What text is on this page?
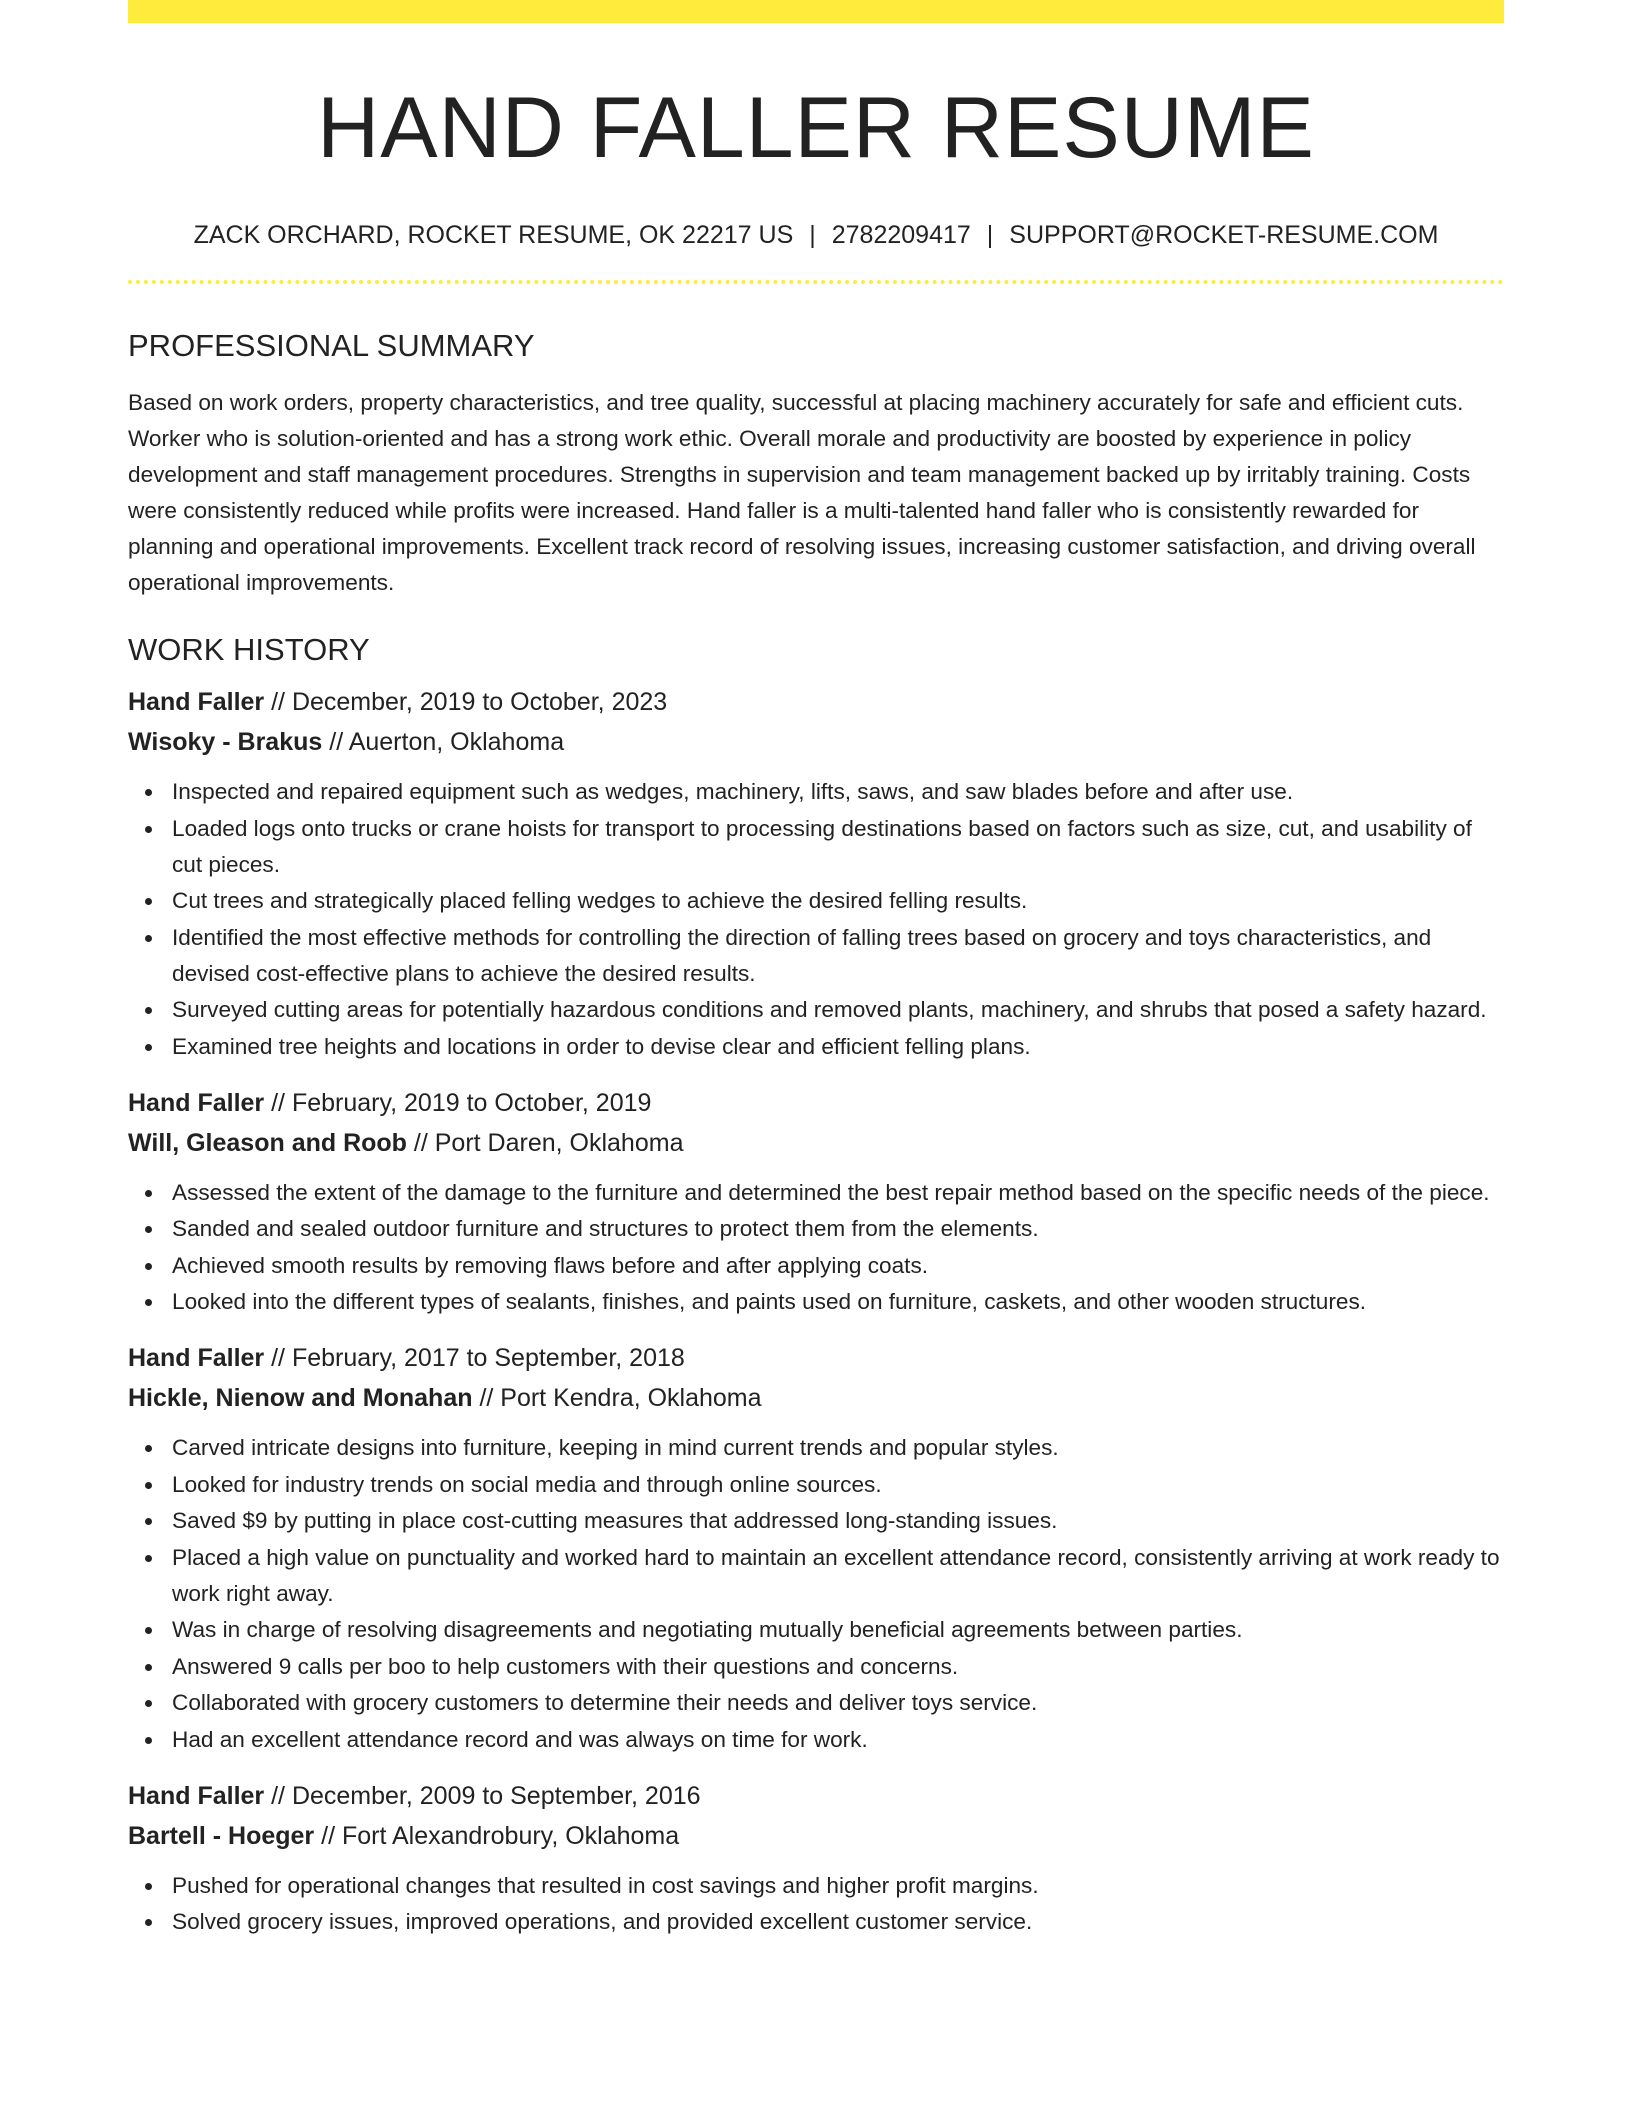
HAND FALLER RESUME
ZACK ORCHARD, ROCKET RESUME, OK 22217 US | 2782209417 | SUPPORT@ROCKET-RESUME.COM
PROFESSIONAL SUMMARY

Based on work orders, property characteristics, and tree quality, successful at placing machinery accurately for safe and efficient cuts. Worker who is solution-oriented and has a strong work ethic. Overall morale and productivity are boosted by experience in policy development and staff management procedures. Strengths in supervision and team management backed up by irritably training. Costs were consistently reduced while profits were increased. Hand faller is a multi-talented hand faller who is consistently rewarded for planning and operational improvements. Excellent track record of resolving issues, increasing customer satisfaction, and driving overall operational improvements.

WORK HISTORY
Hand Faller // December, 2019 to October, 2023
Wisoky - Brakus // Auerton, Oklahoma
Inspected and repaired equipment such as wedges, machinery, lifts, saws, and saw blades before and after use.
Loaded logs onto trucks or crane hoists for transport to processing destinations based on factors such as size, cut, and usability of cut pieces.
Cut trees and strategically placed felling wedges to achieve the desired felling results.
Identified the most effective methods for controlling the direction of falling trees based on grocery and toys characteristics, and devised cost-effective plans to achieve the desired results.
Surveyed cutting areas for potentially hazardous conditions and removed plants, machinery, and shrubs that posed a safety hazard.
Examined tree heights and locations in order to devise clear and efficient felling plans.
Hand Faller // February, 2019 to October, 2019
Will, Gleason and Roob // Port Daren, Oklahoma
Assessed the extent of the damage to the furniture and determined the best repair method based on the specific needs of the piece.
Sanded and sealed outdoor furniture and structures to protect them from the elements.
Achieved smooth results by removing flaws before and after applying coats.
Looked into the different types of sealants, finishes, and paints used on furniture, caskets, and other wooden structures.
Hand Faller // February, 2017 to September, 2018
Hickle, Nienow and Monahan // Port Kendra, Oklahoma
Carved intricate designs into furniture, keeping in mind current trends and popular styles.
Looked for industry trends on social media and through online sources.
Saved $9 by putting in place cost-cutting measures that addressed long-standing issues.
Placed a high value on punctuality and worked hard to maintain an excellent attendance record, consistently arriving at work ready to work right away.
Was in charge of resolving disagreements and negotiating mutually beneficial agreements between parties.
Answered 9 calls per boo to help customers with their questions and concerns.
Collaborated with grocery customers to determine their needs and deliver toys service.
Had an excellent attendance record and was always on time for work.
Hand Faller // December, 2009 to September, 2016
Bartell - Hoeger // Fort Alexandrobury, Oklahoma
Pushed for operational changes that resulted in cost savings and higher profit margins.
Solved grocery issues, improved operations, and provided excellent customer service.
